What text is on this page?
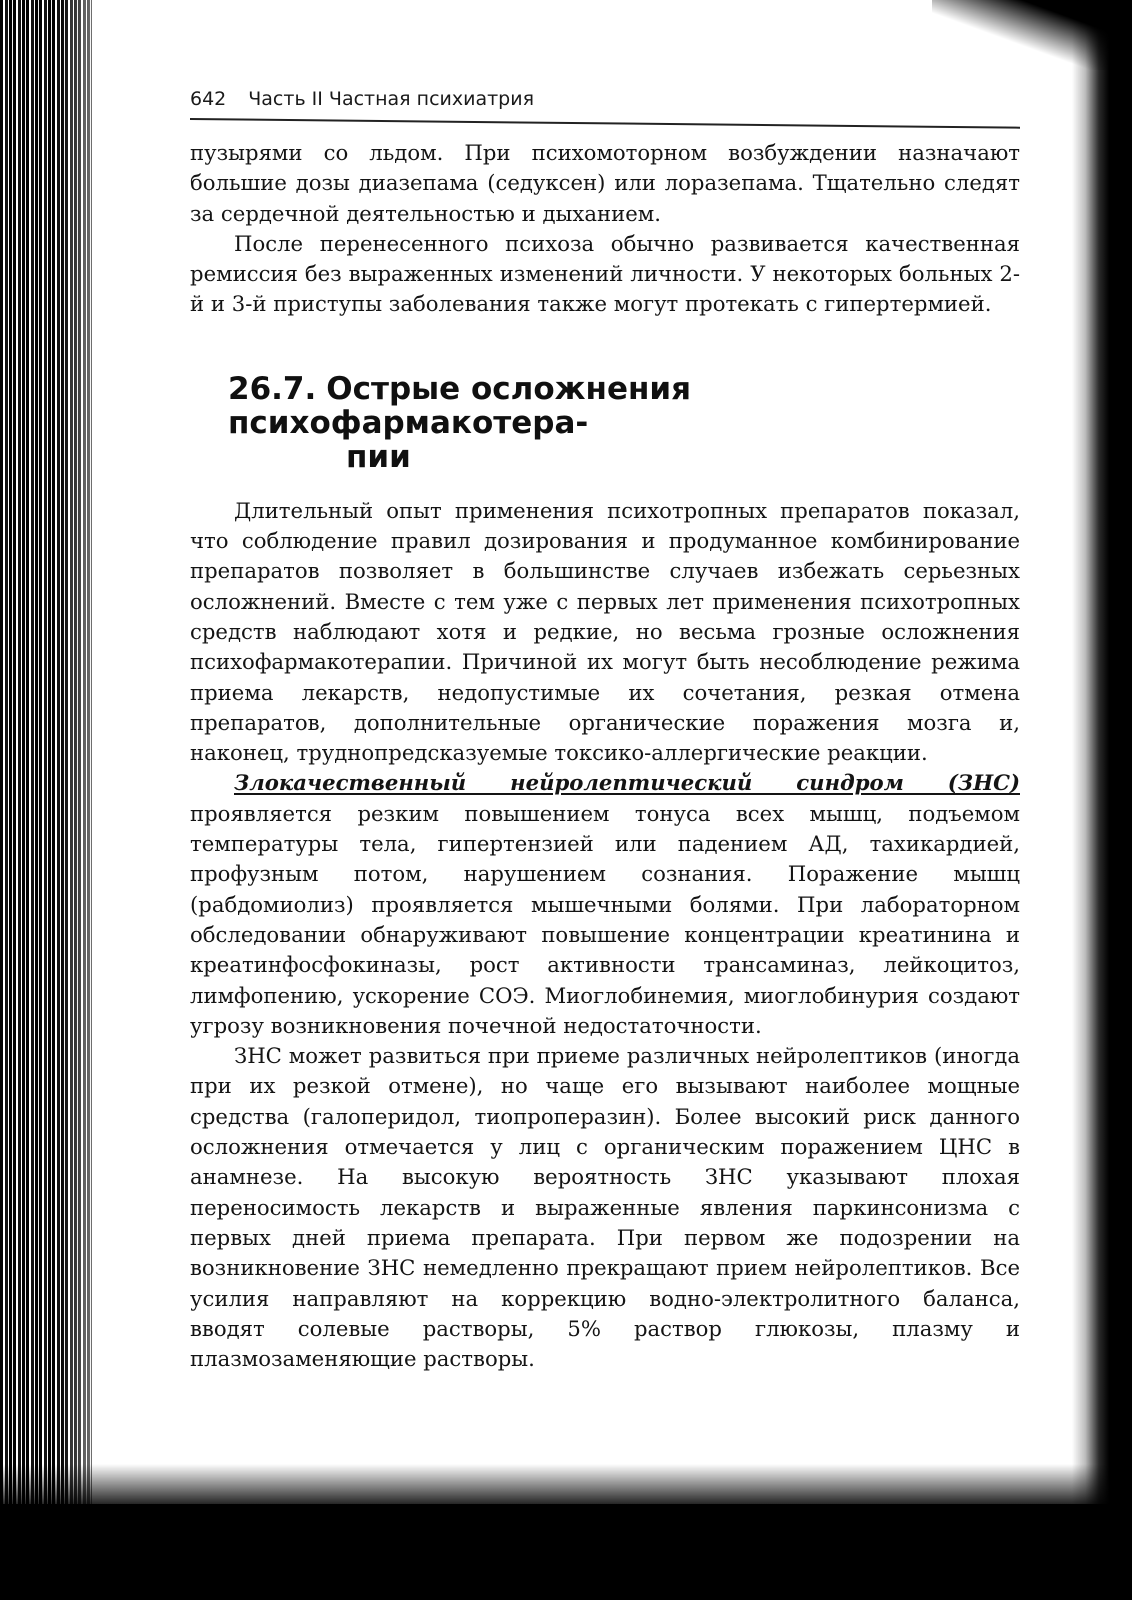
642 Часть II Частная психиатрия

пузырями со льдом. При психомоторном возбуждении назначают большие дозы диазепама (седуксен) или лоразепама. Тщательно следят за сердечной деятельностью и дыханием.

После перенесенного психоза обычно развивается качественная ремиссия без выраженных изменений личности. У некоторых больных 2-й и 3-й приступы заболевания также могут протекать с гипертермией.

26.7. Острые осложнения психофармакотера-
пии

Длительный опыт применения психотропных препаратов показал, что соблюдение правил дозирования и продуманное комбинирование препаратов позволяет в большинстве случаев избежать серьезных осложнений. Вместе с тем уже с первых лет применения психотропных средств наблюдают хотя и редкие, но весьма грозные осложнения психофармакотерапии. Причиной их могут быть несоблюдение режима приема лекарств, недопустимые их сочетания, резкая отмена препаратов, дополнительные органические поражения мозга и, наконец, труднопредсказуемые токсико-аллергические реакции.

Злокачественный нейролептический синдром (ЗНС) проявляется резким повышением тонуса всех мышц, подъемом температуры тела, гипертензией или падением АД, тахикардией, профузным потом, нарушением сознания. Поражение мышц (рабдомиолиз) проявляется мышечными болями. При лабораторном обследовании обнаруживают повышение концентрации креатинина и креатинфосфокиназы, рост активности трансаминаз, лейкоцитоз, лимфопению, ускорение СОЭ. Миоглобинемия, миоглобинурия создают угрозу возникновения почечной недостаточности.

ЗНС может развиться при приеме различных нейролептиков (иногда при их резкой отмене), но чаще его вызывают наиболее мощные средства (галоперидол, тиопроперазин). Более высокий риск данного осложнения отмечается у лиц с органическим поражением ЦНС в анамнезе. На высокую вероятность ЗНС указывают плохая переносимость лекарств и выраженные явления паркинсонизма с первых дней приема препарата. При первом же подозрении на возникновение ЗНС немедленно прекращают прием нейролептиков. Все усилия направляют на коррекцию водно-электролитного баланса, вводят солевые растворы, 5% раствор глюкозы, плазму и плазмозаменяющие растворы.
